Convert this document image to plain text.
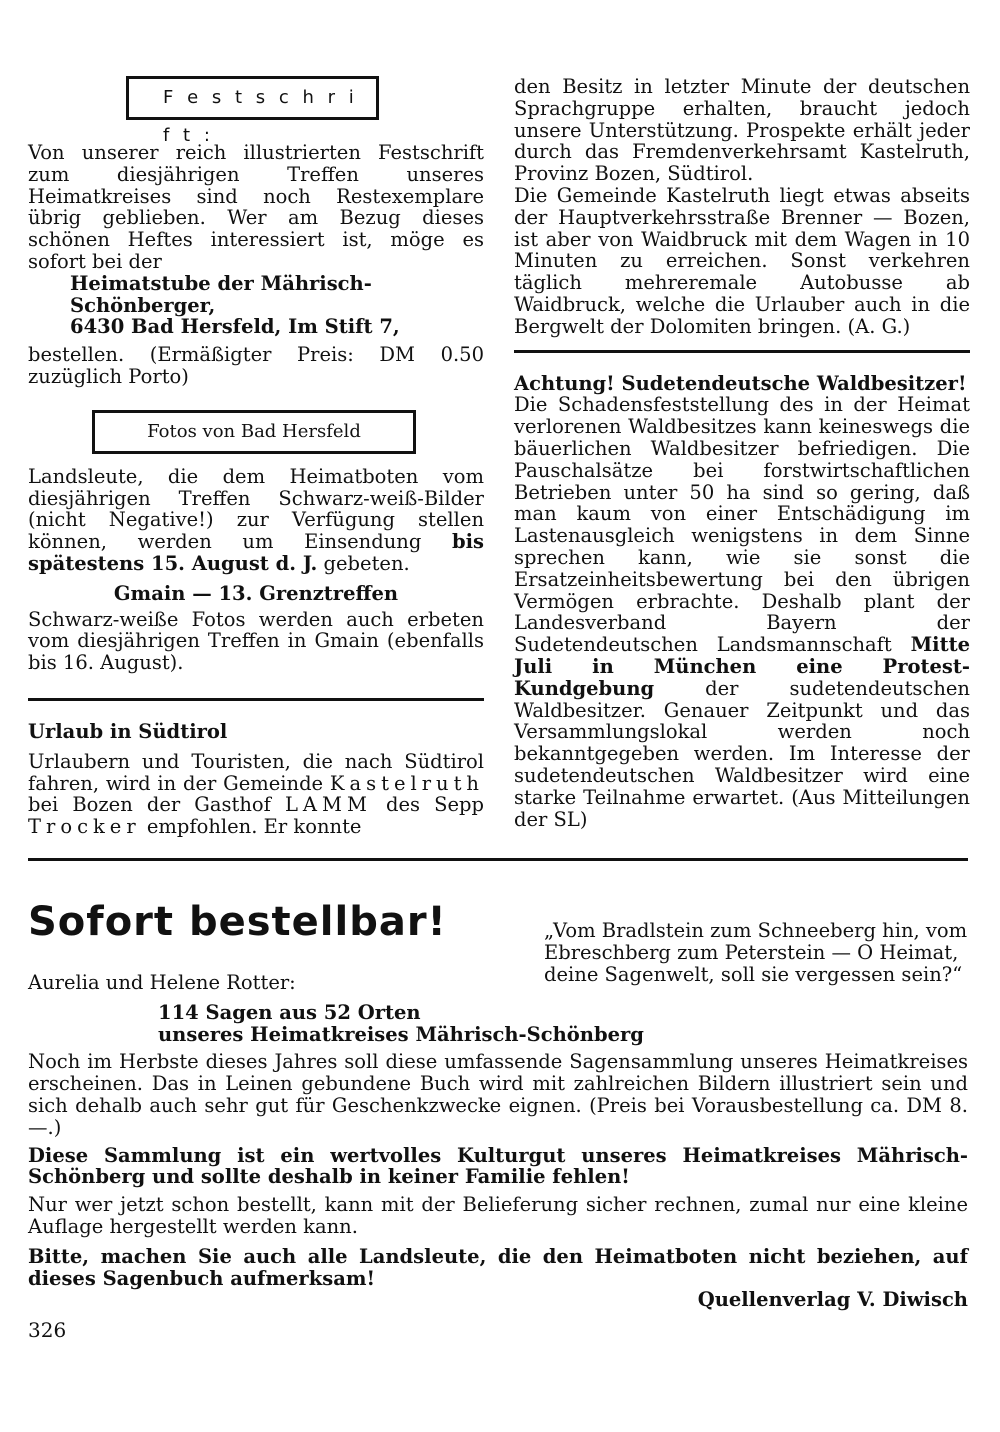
F e s t s c h r i f t :

Von unserer reich illustrierten Festschrift zum diesjährigen Treffen unseres Heimatkreises sind noch Restexemplare übrig geblieben. Wer am Bezug dieses schönen Heftes interessiert ist, möge es sofort bei der

Heimatstube der Mährisch-Schönberger,
6430 Bad Hersfeld, Im Stift 7,

bestellen. (Ermäßigter Preis: DM 0.50 zuzüglich Porto)

Fotos von Bad Hersfeld

Landsleute, die dem Heimatboten vom diesjährigen Treffen Schwarz-weiß-Bilder (nicht Negative!) zur Verfügung stellen können, werden um Einsendung bis spätestens 15. August d. J. gebeten.

Gmain — 13. Grenztreffen

Schwarz-weiße Fotos werden auch erbeten vom diesjährigen Treffen in Gmain (ebenfalls bis 16. August).

Urlaub in Südtirol

Urlaubern und Touristen, die nach Südtirol fahren, wird in der Gemeinde Kastelruth bei Bozen der Gasthof LAMM des Sepp Trocker empfohlen. Er konnte

den Besitz in letzter Minute der deutschen Sprachgruppe erhalten, braucht jedoch unsere Unterstützung. Prospekte erhält jeder durch das Fremdenverkehrsamt Kastelruth, Provinz Bozen, Südtirol.

Die Gemeinde Kastelruth liegt etwas abseits der Hauptverkehrsstraße Brenner — Bozen, ist aber von Waidbruck mit dem Wagen in 10 Minuten zu erreichen. Sonst verkehren täglich mehreremale Autobusse ab Waidbruck, welche die Urlauber auch in die Bergwelt der Dolomiten bringen. (A. G.)

Achtung! Sudetendeutsche Waldbesitzer!

Die Schadensfeststellung des in der Heimat verlorenen Waldbesitzes kann keineswegs die bäuerlichen Waldbesitzer befriedigen. Die Pauschalsätze bei forstwirtschaftlichen Betrieben unter 50 ha sind so gering, daß man kaum von einer Entschädigung im Lastenausgleich wenigstens in dem Sinne sprechen kann, wie sie sonst die Ersatzeinheitsbewertung bei den übrigen Vermögen erbrachte. Deshalb plant der Landesverband Bayern der Sudetendeutschen Landsmannschaft Mitte Juli in München eine Protest-Kundgebung	der sudetendeutschen Waldbesitzer. Genauer Zeitpunkt und das Versammlungslokal werden noch bekanntgegeben werden. Im Interesse der sudetendeutschen Waldbesitzer wird eine starke Teilnahme erwartet. (Aus Mitteilungen der SL)

Sofort bestellbar!	„Vom Bradlstein zum Schneeberg hin, vom Ebreschberg zum Peterstein — O Heimat, deine Sagenwelt, soll sie vergessen sein?“

Aurelia und Helene Rotter:

114 Sagen aus 52 Orten
unseres Heimatkreises Mährisch-Schönberg

Noch im Herbste dieses Jahres soll diese umfassende Sagensammlung unseres Heimatkreises erscheinen. Das in Leinen gebundene Buch wird mit zahlreichen Bildern illustriert sein und sich dehalb auch sehr gut für Geschenkzwecke eignen. (Preis bei Vorausbestellung ca. DM 8.—.)

Diese Sammlung ist ein wertvolles Kulturgut unseres Heimatkreises Mährisch-Schönberg und sollte deshalb in keiner Familie fehlen!

Nur wer jetzt schon bestellt, kann mit der Belieferung sicher rechnen, zumal nur eine kleine Auflage hergestellt werden kann.

Bitte, machen Sie auch alle Landsleute, die den Heimatboten nicht beziehen, auf dieses Sagenbuch aufmerksam!

Quellenverlag V. Diwisch

326
